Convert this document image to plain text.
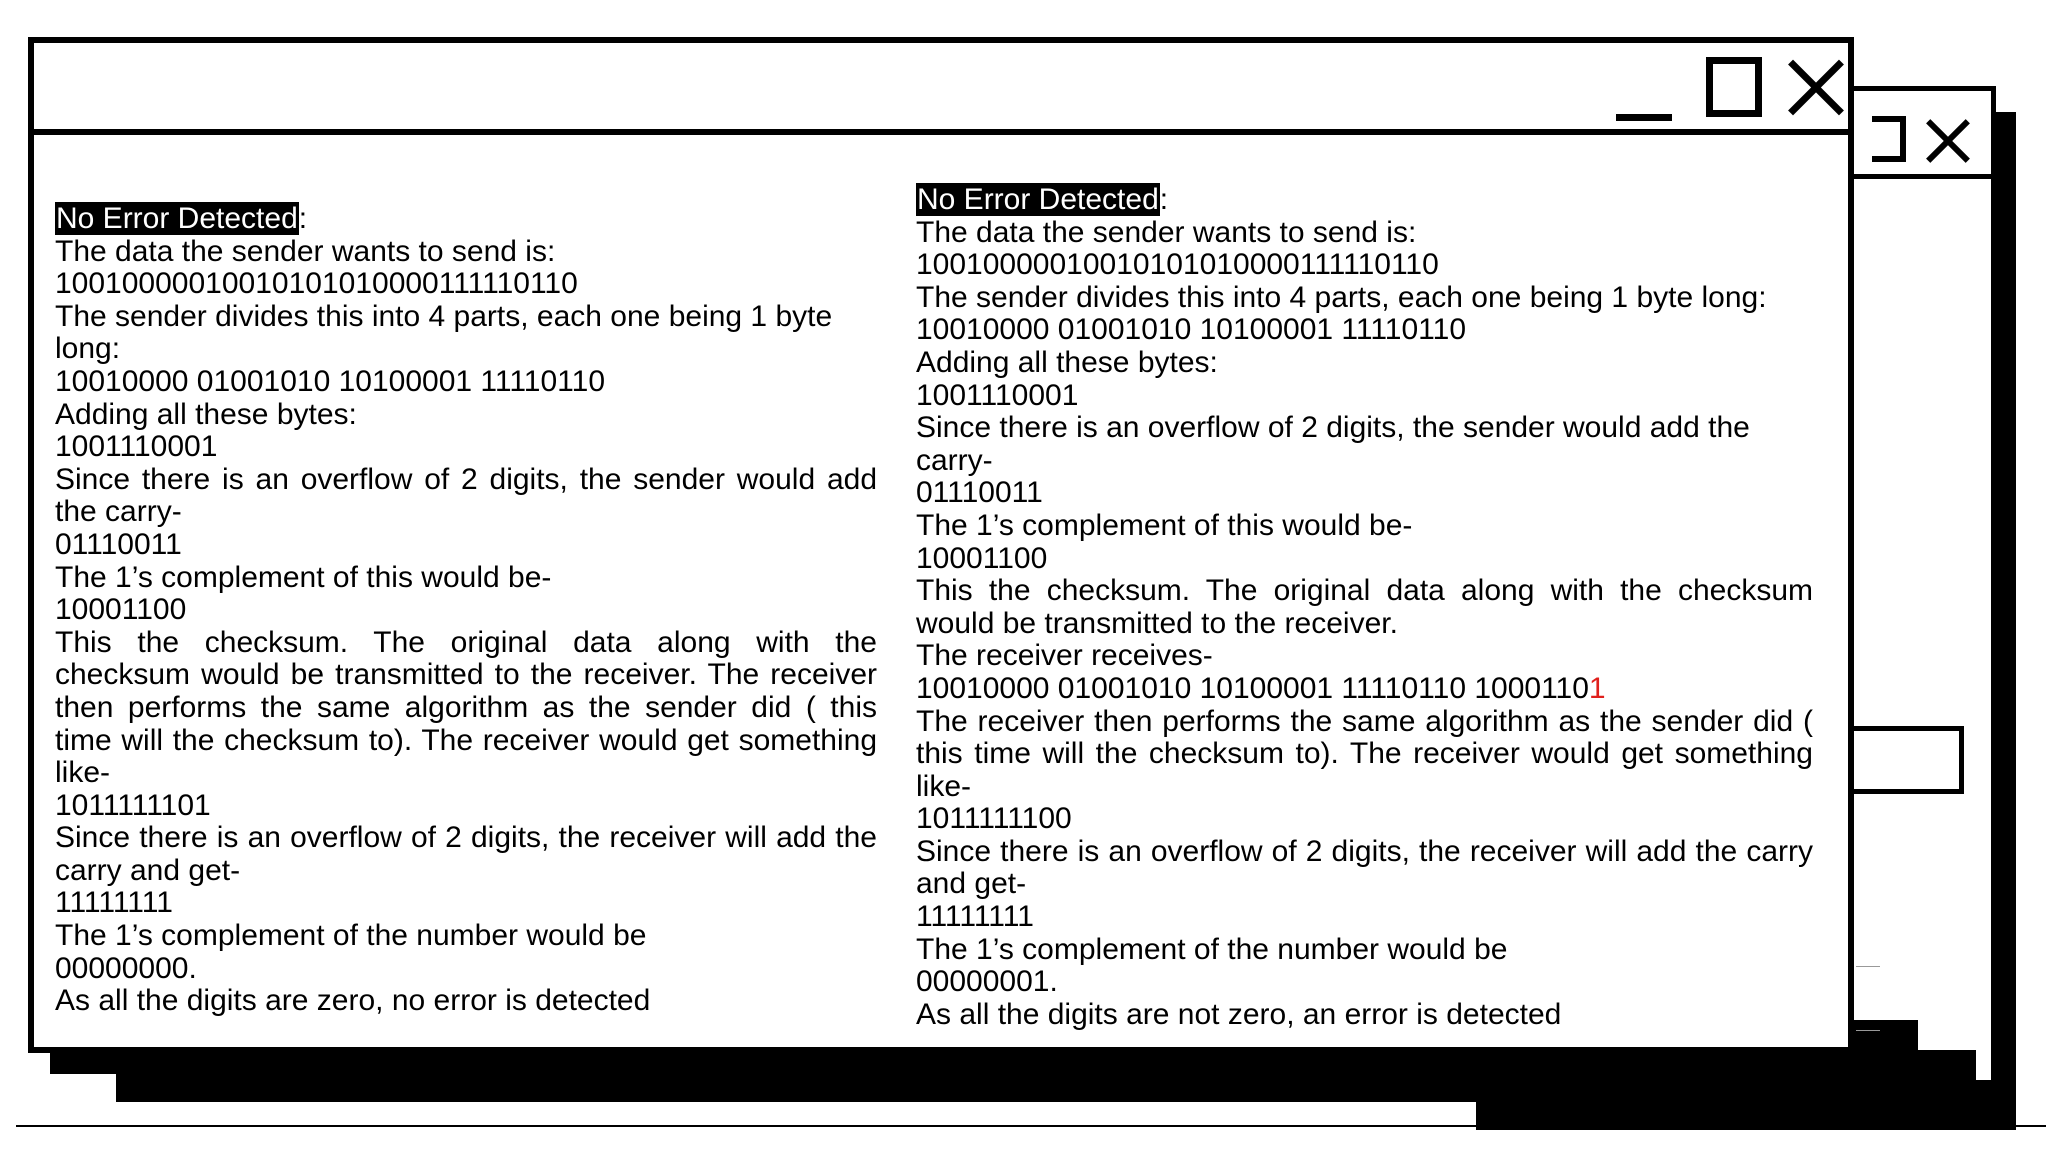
No Error Detected:
The data the sender wants to send is:
10010000010010101010000111110110
The sender divides this into 4 parts, each one being 1 byte long:
10010000 01001010 10100001 11110110
Adding all these bytes:
1001110001
Since there is an overflow of 2 digits, the sender would add the carry-
01110011
The 1’s complement of this would be-
10001100
This the checksum. The original data along with the checksum would be transmitted to the receiver. The receiver then performs the same algorithm as the sender did ( this time will the checksum to). The receiver would get something like-
1011111101
Since there is an overflow of 2 digits, the receiver will add the carry and get-
11111111
The 1’s complement of the number would be
00000000.
As all the digits are zero, no error is detected
No Error Detected:
The data the sender wants to send is:
10010000010010101010000111110110
The sender divides this into 4 parts, each one being 1 byte long:
10010000 01001010 10100001 11110110
Adding all these bytes:
1001110001
Since there is an overflow of 2 digits, the sender would add the carry-
01110011
The 1’s complement of this would be-
10001100
This the checksum. The original data along with the checksum would be transmitted to the receiver.
The receiver receives-
10010000 01001010 10100001 11110110 10001101
The receiver then performs the same algorithm as the sender did ( this time will the checksum to). The receiver would get something like-
1011111100
Since there is an overflow of 2 digits, the receiver will add the carry and get-
11111111
The 1’s complement of the number would be
00000001.
As all the digits are not zero, an error is detected
